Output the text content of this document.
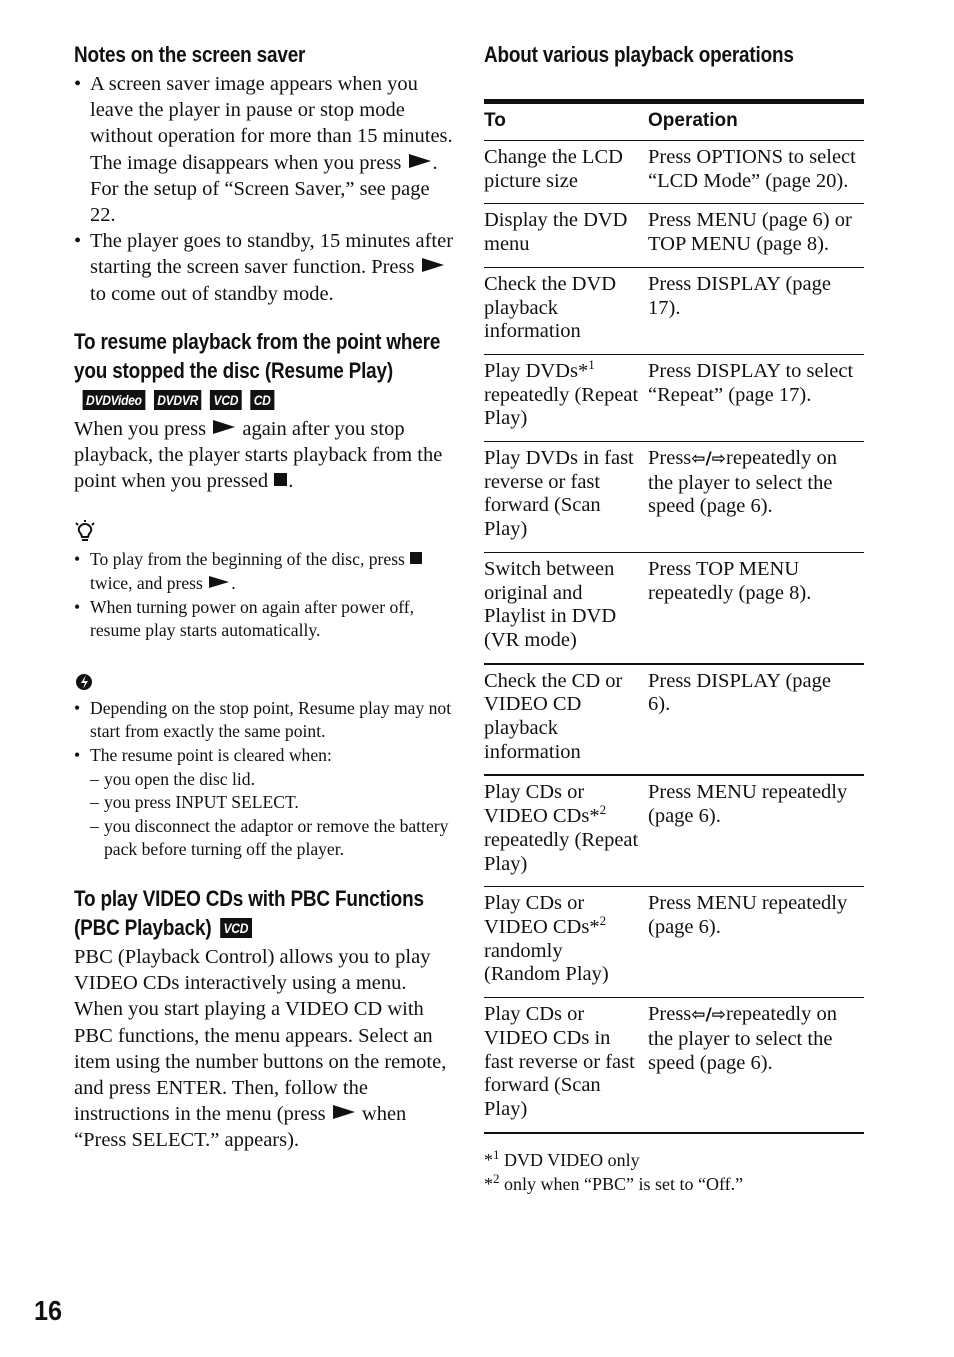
Notes on the screen saver
• A screen saver image appears when you leave the player in pause or stop mode without operation for more than 15 minutes. The image disappears when you press . For the setup of “Screen Saver,” see page 22.
• The player goes to standby, 15 minutes after starting the screen saver function. Press  to come out of standby mode.
To resume playback from the point where you stopped the disc (Resume Play)DVDVideo DVDVR VCD CD

When you press again after you stop playback, the player starts playback from the point when you pressed .

• To play from the beginning of the disc, press  twice, and press .
• When turning power on again after power off, resume play starts automatically.
• Depending on the stop point, Resume play may not start from exactly the same point.
• The resume point is cleared when:
– you open the disc lid.
– you press INPUT SELECT.
– you disconnect the adaptor or remove the battery pack before turning off the player.
To play VIDEO CDs with PBC Functions (PBC Playback) VCD

PBC (Playback Control) allows you to play VIDEO CDs interactively using a menu. When you start playing a VIDEO CD with PBC functions, the menu appears. Select an item using the number buttons on the remote, and press ENTER. Then, follow the instructions in the menu (press when “Press SELECT.” appears).

About various playback operations
To	Operation
Change the LCD picture size	Press OPTIONS to select “LCD Mode” (page 20).
Display the DVD menu	Press MENU (page 6) or TOP MENU (page 8).
Check the DVD playback information	Press DISPLAY (page 17).
Play DVDs*$^1$ repeatedly (Repeat Play)	Press DISPLAY to select “Repeat” (page 17).
Play DVDs in fast reverse or fast forward (Scan Play)	Press⇦/⇨repeatedly on the player to select the speed (page 6).
Switch between original and Playlist in DVD (VR mode)	Press TOP MENU repeatedly (page 8).
Check the CD or VIDEO CD playback information	Press DISPLAY (page 6).
Play CDs or VIDEO CDs*$^2$ repeatedly (Repeat Play)	Press MENU repeatedly (page 6).
Play CDs or VIDEO CDs*$^2$ randomly (Random Play)	Press MENU repeatedly (page 6).
Play CDs or VIDEO CDs in fast reverse or fast forward (Scan Play)	Press⇦/⇨repeatedly on the player to select the speed (page 6).
*$^1$ DVD VIDEO only
*$^2$ only when “PBC” is set to “Off.”
16
